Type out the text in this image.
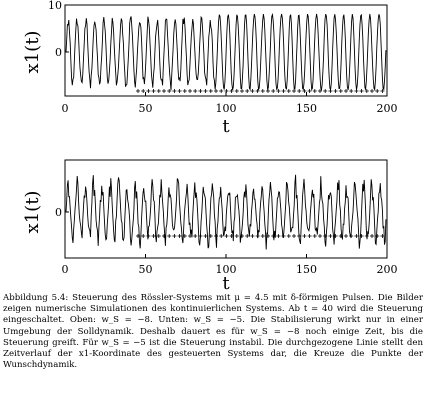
10
0
0	50	100	150	200
t
x1(t)
0
0	50	100	150	200
t
x1(t)

Abbildung 5.4: Steuerung des Rössler-Systems mit μ = 4.5 mit δ-förmigen Pulsen. Die Bilder zeigen numerische Simulationen des kontinuierlichen Systems. Ab t = 40 wird die Steuerung eingeschaltet. Oben: w_S = −8. Unten: w_S = −5. Die Stabilisierung wirkt nur in einer Umgebung der Solldynamik. Deshalb dauert es für w_S = −8 noch einige Zeit, bis die Steuerung greift. Für w_S = −5 ist die Steuerung instabil. Die durchgezogene Linie stellt den Zeitverlauf der x1-Koordinate des gesteuerten Systems dar, die Kreuze die Punkte der Wunschdynamik.
